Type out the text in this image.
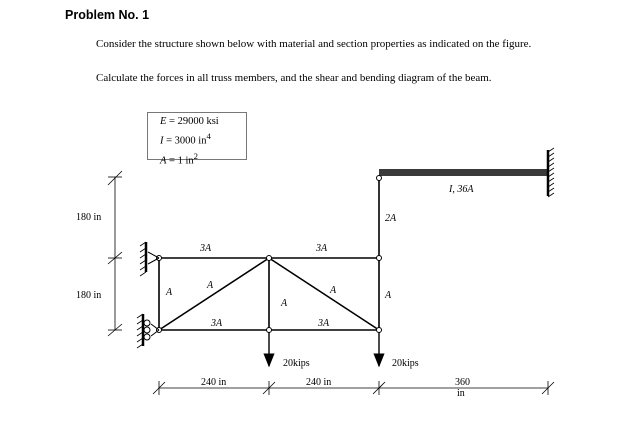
Problem No. 1
Consider the structure shown below with material and section properties as indicated on the figure.
Calculate the forces in all truss members, and the shear and bending diagram of the beam.
E = 29000 ksi
I = 3000 $in^4$
A = 1 $in^2$
3A	3A
3A	3A
A
A
A
A	A
2A
I, 36A
20kips	20kips
180 in
180 in
240 in	240 in	360
in
